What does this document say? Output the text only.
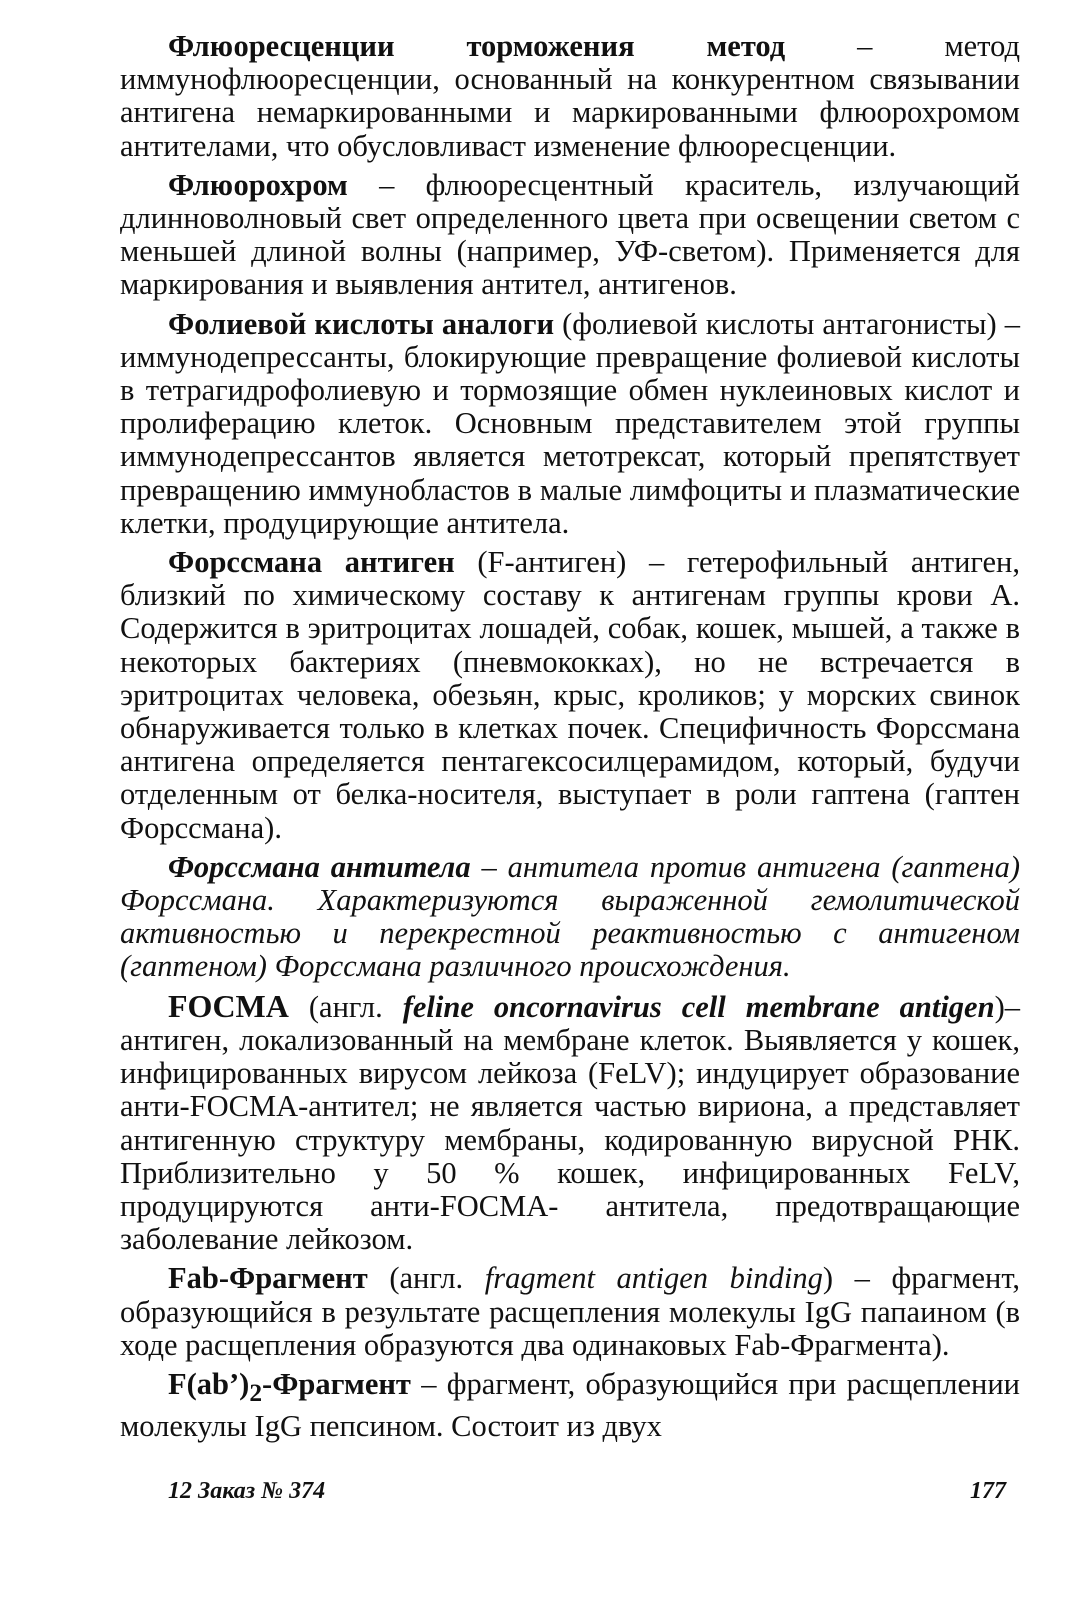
Флюоресценции торможения метод – метод иммунофлюоресценции, основанный на конкурентном связывании антигена немаркированными и маркированными флюорохромом антителами, что обусловливаст изменение флюоресценции.

Флюорохром – флюоресцентный краситель, излучающий длинноволновый свет определенного цвета при освещении светом с меньшей длиной волны (например, УФ-светом). Применяется для маркирования и выявления антител, антигенов.

Фолиевой кислоты аналоги (фолиевой кислоты антагонисты) – иммунодепрессанты, блокирующие превращение фолиевой кислоты в тетрагидрофолиевую и тормозящие обмен нуклеиновых кислот и пролиферацию клеток. Основным представителем этой группы иммунодепрессантов является метотрексат, который препятствует превращению иммунобластов в малые лимфоциты и плазматические клетки, продуцирующие антитела.

Форссмана антиген (F-антиген) – гетерофильный антиген, близкий по химическому составу к антигенам группы крови А. Содержится в эритроцитах лошадей, собак, кошек, мышей, а также в некоторых бактериях (пневмококках), но не встречается в эритроцитах человека, обезьян, крыс, кроликов; у морских свинок обнаруживается только в клетках почек. Специфичность Форссмана антигена определяется пентагексосилцерамидом, который, будучи отделенным от белка-носителя, выступает в роли гаптена (гаптен Форссмана).

Форссмана антитела – антитела против антигена (гаптена) Форссмана. Характеризуются выраженной гемолитической активностью и перекрестной реактивностью с антигеном (гаптеном) Форссмана различного происхождения.

FOCMA (англ. feline oncornavirus cell membrane antigen)– антиген, локализованный на мембране клеток. Выявляется у кошек, инфицированных вирусом лейкоза (FeLV); индуцирует образование анти-FOCMA-антител; не является частью вириона, а представляет антигенную структуру мембраны, кодированную вирусной РНК. Приблизительно у 50 % кошек, инфицированных FeLV, продуцируются анти-FOCMA- антитела, предотвращающие заболевание лейкозом.

Fab-Фрагмент (англ. fragment antigen binding) – фрагмент, образующийся в результате расщепления молекулы IgG папаином (в ходе расщепления образуются два одинаковых Fab-Фрагмента).

$F(ab’)_2$-Фрагмент – фрагмент, образующийся при расщеплении молекулы IgG пепсином. Состоит из двух

12 Заказ № 374	177
